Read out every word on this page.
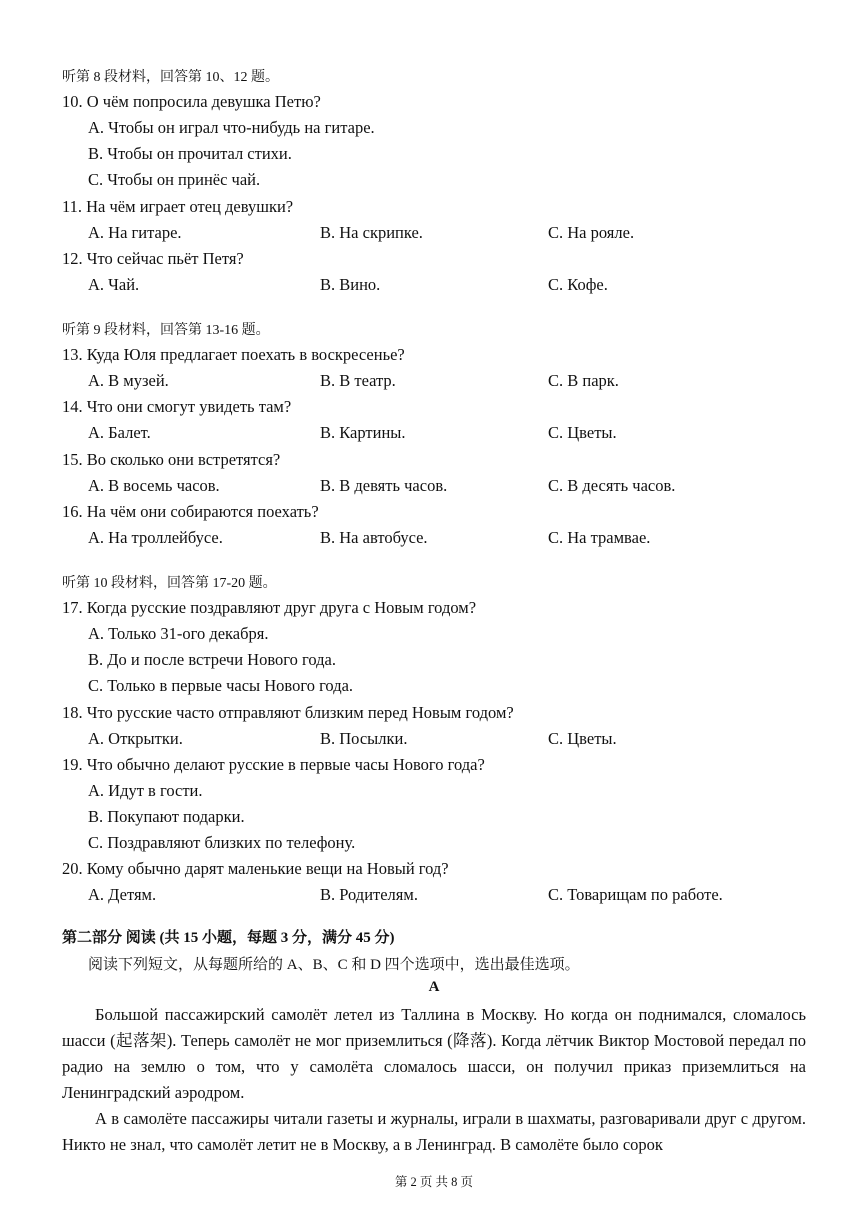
听第 8 段材料，回答第 10、12 题。
10. О чём попросила девушка Петю?
A. Чтобы он играл что-нибудь на гитаре.
B. Чтобы он прочитал стихи.
C. Чтобы он принёс чай.
11. На чём играет отец девушки?
A. На гитаре.	B. На скрипке.	C. На рояле.
12. Что сейчас пьёт Петя?
A. Чай.	B. Вино.	C. Кофе.
听第 9 段材料，回答第 13-16 题。
13. Куда Юля предлагает поехать в воскресенье?
A. В музей.	B. В театр.	C. В парк.
14. Что они смогут увидеть там?
A. Балет.	B. Картины.	C. Цветы.
15. Во сколько они встретятся?
A. В восемь часов.	B. В девять часов.	C. В десять часов.
16. На чём они собираются поехать?
A. На троллейбусе.	B. На автобусе.	C. На трамвае.
听第 10 段材料，回答第 17-20 题。
17. Когда русские поздравляют друг друга с Новым годом?
A. Только 31-ого декабря.
B. До и после встречи Нового года.
C. Только в первые часы Нового года.
18. Что русские часто отправляют близким перед Новым годом?
A. Открытки.	B. Посылки.	C. Цветы.
19. Что обычно делают русские в первые часы Нового года?
A. Идут в гости.
B. Покупают подарки.
C. Поздравляют близких по телефону.
20. Кому обычно дарят маленькие вещи на Новый год?
A. Детям.	B. Родителям.	C. Товарищам по работе.
第二部分 阅读 (共 15 小题，每题 3 分，满分 45 分)
阅读下列短文，从每题所给的 A、B、C 和 D 四个选项中，选出最佳选项。
A

Большой пассажирский самолёт летел из Таллина в Москву. Но когда он поднимался, сломалось шасси (起落架). Теперь самолёт не мог приземлиться (降落). Когда лётчик Виктор Мостовой передал по радио на землю о том, что у самолёта сломалось шасси, он получил приказ приземлиться на Ленинградский аэродром.

А в самолёте пассажиры читали газеты и журналы, играли в шахматы, разговаривали друг с другом. Никто не знал, что самолёт летит не в Москву, а в Ленинград. В самолёте было сорок

第 2 页 共 8 页
